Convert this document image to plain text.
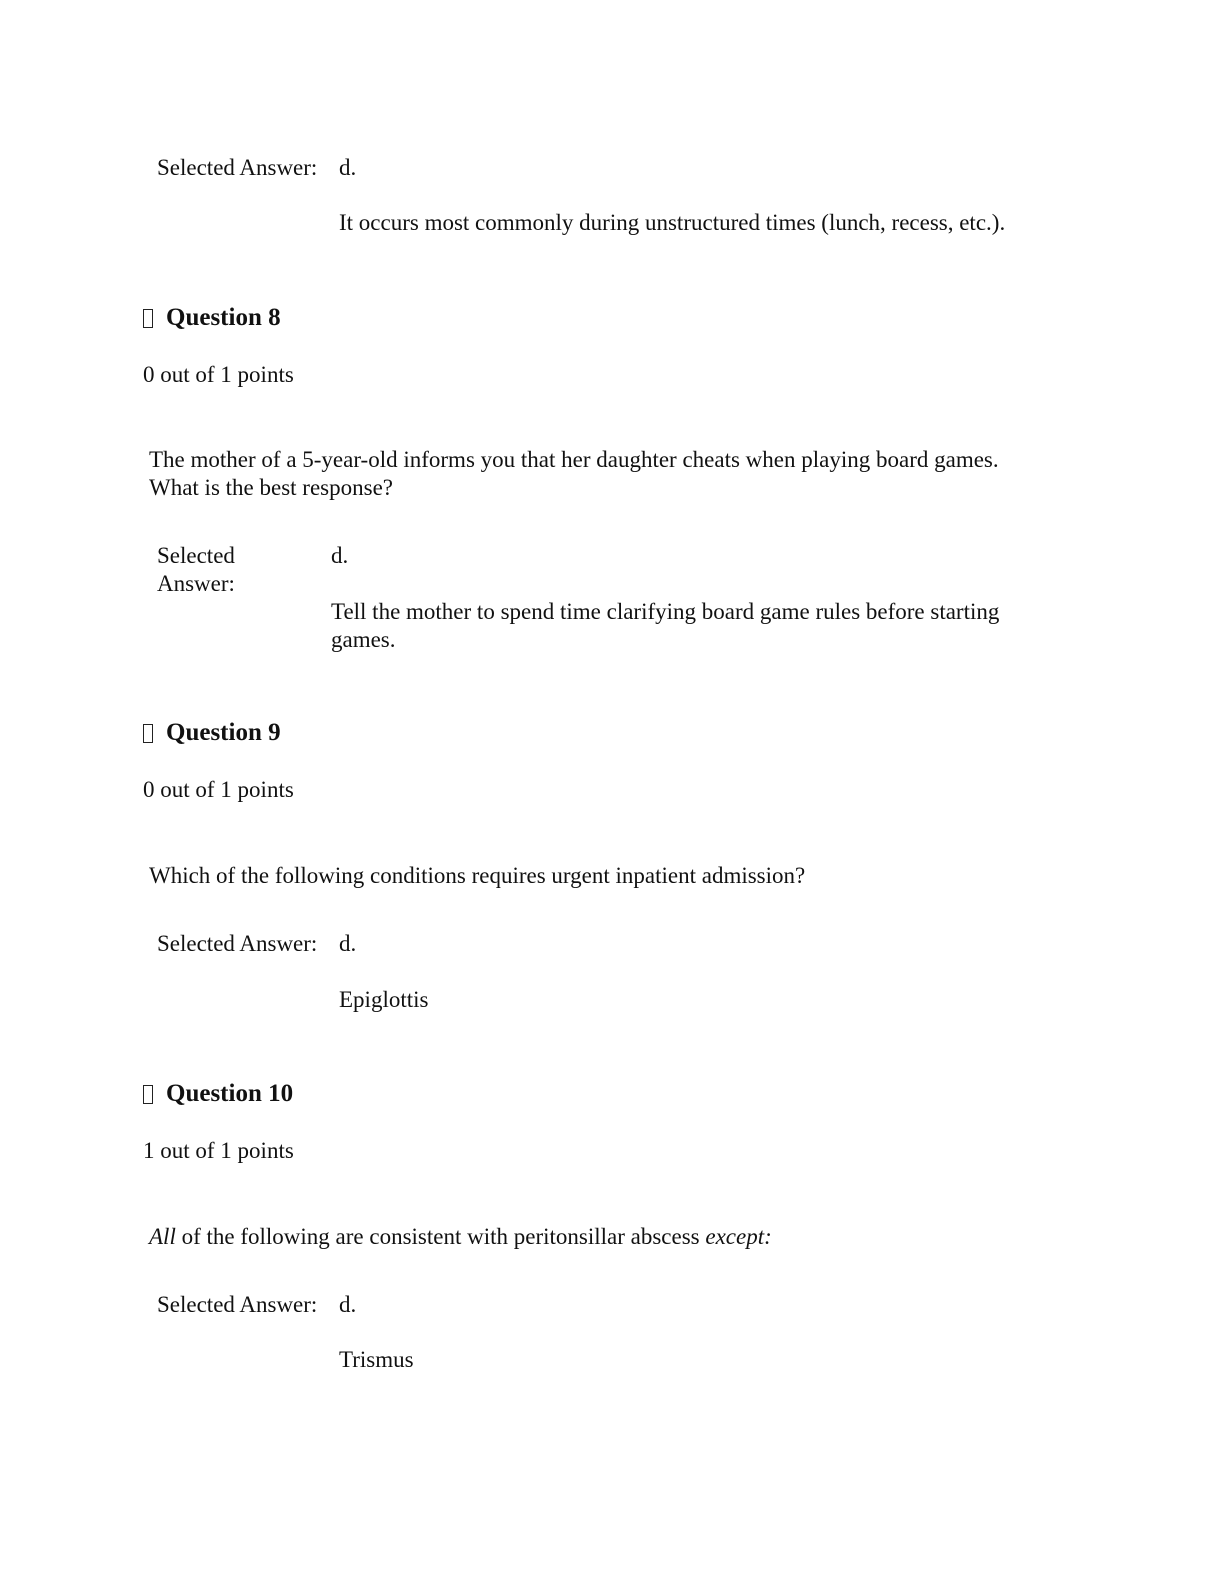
Selected Answer: d.
It occurs most commonly during unstructured times (lunch, recess, etc.).
Question 8
0 out of 1 points
The mother of a 5-year-old informs you that her daughter cheats when playing board games.
What is the best response?
Selected
Answer:
d.
Tell the mother to spend time clarifying board game rules before starting
games.
Question 9
0 out of 1 points
Which of the following conditions requires urgent inpatient admission?
Selected Answer: d.
Epiglottis
Question 10
1 out of 1 points
All of the following are consistent with peritonsillar abscess except:
Selected Answer: d.
Trismus
